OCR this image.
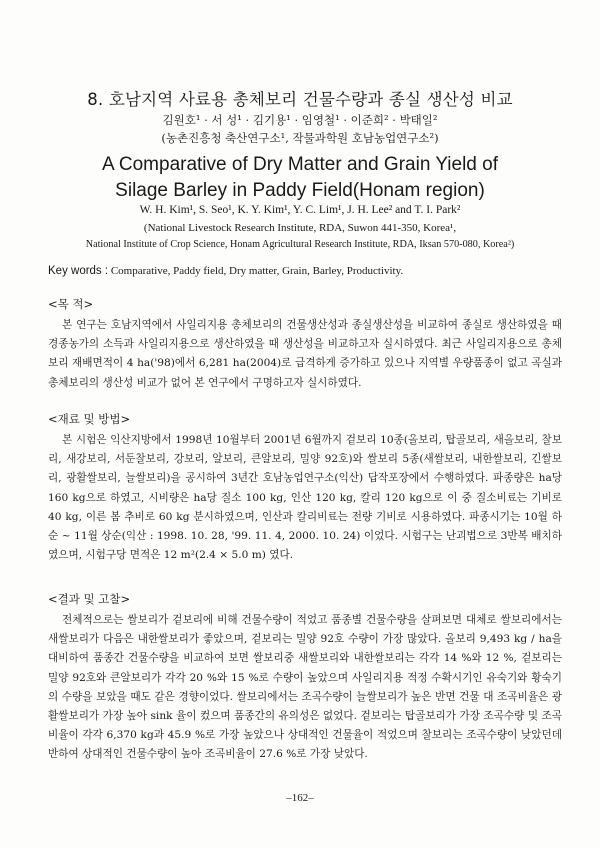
8. 호남지역 사료용 총체보리 건물수량과 종실 생산성 비교
김원호¹ · 서 성¹ · 김기용¹ · 임영철¹ · 이준희² · 박태일²
(농촌진흥청 축산연구소¹, 작물과학원 호남농업연구소²)
A Comparative of Dry Matter and Grain Yield of
Silage Barley in Paddy Field(Honam region)
W. H. Kim¹, S. Seo¹, K. Y. Kim¹, Y. C. Lim¹, J. H. Lee² and T. I. Park²
(National Livestock Research Institute, RDA, Suwon 441-350, Korea¹,
National Institute of Crop Science, Honam Agricultural Research Institute, RDA, Iksan 570-080, Korea²)
Key words : Comparative, Paddy field, Dry matter, Grain, Barley, Productivity.
<목 적>
본 연구는 호남지역에서 사일리지용 총체보리의 건물생산성과 종실생산성을 비교하여 종실로 생산하였을 때 경종농가의 소득과 사일리지용으로 생산하였을 때 생산성을 비교하고자 실시하였다. 최근 사일리지용으로 총체보리 재배면적이 4 ha('98)에서 6,281 ha(2004)로 급격하게 증가하고 있으나 지역별 우량품종이 없고 곡실과 총체보리의 생산성 비교가 없어 본 연구에서 구명하고자 실시하였다.
<재료 및 방법>
본 시험은 익산지방에서 1998년 10월부터 2001년 6월까지 겉보리 10종(올보리, 탑골보리, 새올보리, 찰보리, 새강보리, 서둔찰보리, 강보리, 알보리, 큰알보리, 밀양 92호)와 쌀보리 5종(새쌀보리, 내한쌀보리, 긴쌀보리, 광활쌀보리, 늘쌀보리)을 공시하여 3년간 호남농업연구소(익산) 답작포장에서 수행하였다. 파종량은 ha당 160 kg으로 하였고, 시비량은 ha당 질소 100 kg, 인산 120 kg, 칼리 120 kg으로 이 중 질소비료는 기비로 40 kg, 이른 봄 추비로 60 kg 분시하였으며, 인산과 칼리비료는 전량 기비로 시용하였다. 파종시기는 10월 하순 ~ 11월 상순(익산 : 1998. 10. 28, '99. 11. 4, 2000. 10. 24) 이었다. 시험구는 난괴법으로 3반복 배치하였으며, 시험구당 면적은 12 m²(2.4 × 5.0 m) 였다.
<결과 및 고찰>
전체적으로는 쌀보리가 겉보리에 비해 건물수량이 적었고 품종별 건물수량을 살펴보면 대체로 쌀보리에서는 새쌀보리가 다음은 내한쌀보리가 좋았으며, 겉보리는 밀양 92호 수량이 가장 많았다. 올보리 9,493 kg / ha을 대비하여 품종간 건물수량을 비교하여 보면 쌀보리중 새쌀보리와 내한쌀보리는 각각 14 %와 12 %, 겉보리는 밀양 92호와 큰알보리가 각각 20 %와 15 %로 수량이 높았으며 사일리지용 적정 수확시기인 유숙기와 황숙기의 수량을 보았을 때도 같은 경향이었다. 쌀보리에서는 조곡수량이 늘쌀보리가 높은 반면 건물 대 조곡비율은 광활쌀보리가 가장 높아 sink 율이 컸으며 품종간의 유의성은 없었다. 겉보리는 탑골보리가 가장 조곡수량 및 조곡비율이 각각 6,370 kg과 45.9 %로 가장 높았으나 상대적인 건물율이 적었으며 찰보리는 조곡수량이 낮았던데 반하여 상대적인 건물수량이 높아 조곡비율이 27.6 %로 가장 낮았다.
–162–
